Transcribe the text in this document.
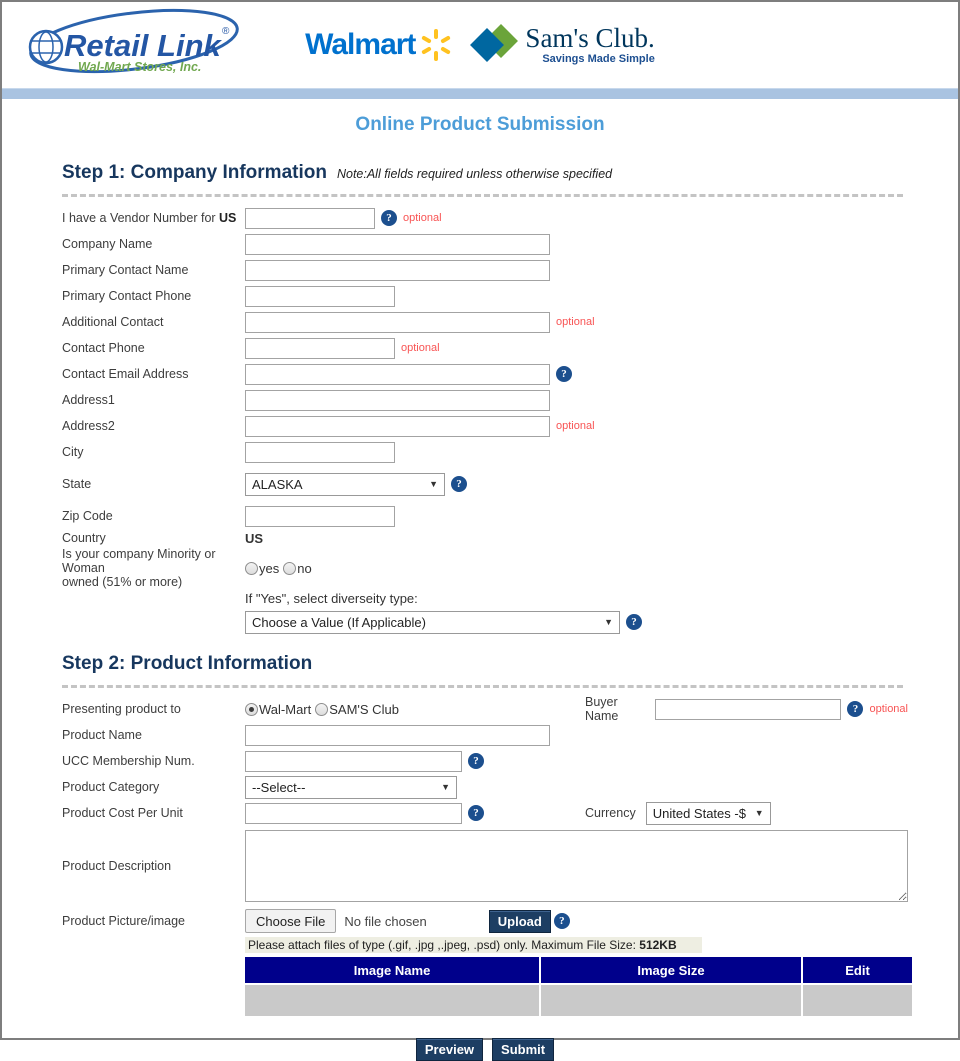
Retail Link ®
Wal-Mart Stores, Inc.
Walmart	Sam's Club.
Savings Made Simple
Online Product Submission
Step 1: Company Information Note:All fields required unless otherwise specified
I have a Vendor Number for US	?	optional
Company Name
Primary Contact Name
Primary Contact Phone
Additional Contact	optional
Contact Phone	optional
Contact Email Address	?
Address1
Address2	optional
City
State	ALASKA	▼	?
Zip Code
Country	US
Is your company Minority or Woman
owned (51% or more)
yes no
If "Yes", select diverseity type:
Choose a Value (If Applicable)	▼	?
Step 2: Product Information
Presenting product to	Wal-Mart SAM'S Club	Buyer Name	?	optional
Product Name
UCC Membership Num.	?
Product Category	--Select--	▼
Product Cost Per Unit	?	Currency United States -$ ▼
Product Description
Product Picture/image	Choose File	No file chosen	Upload	?
Please attach files of type (.gif, .jpg ,.jpeg, .psd) only. Maximum File Size: 512KB
Image Name	Image Size	Edit

Preview	Submit
